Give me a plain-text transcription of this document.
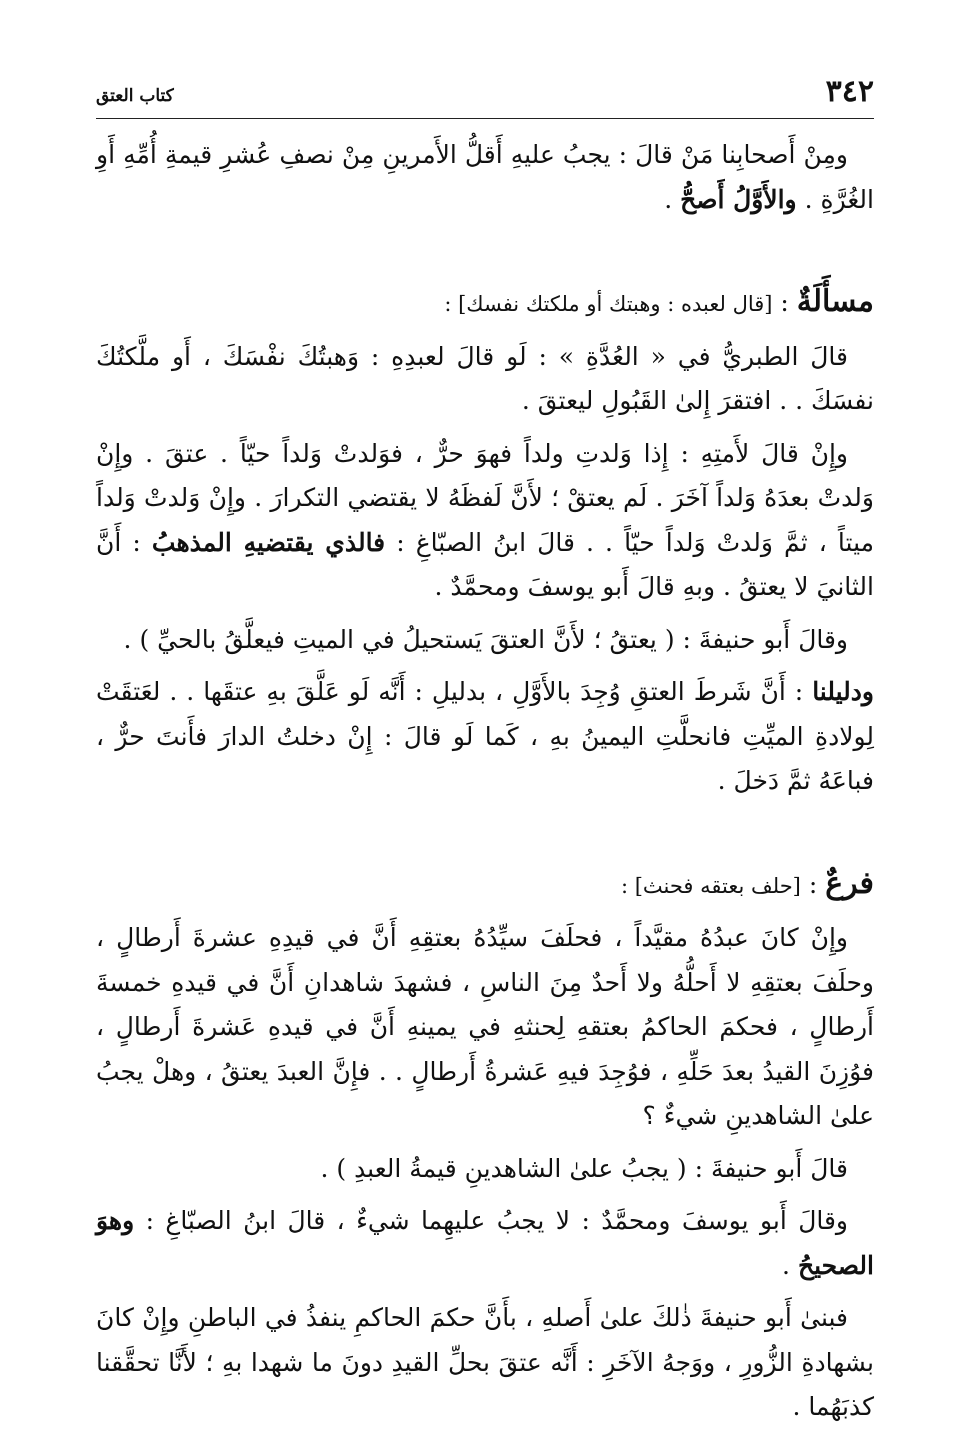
٣٤٢
كتاب العتق

ومِنْ أَصحابِنا مَنْ قالَ : يجبُ عليهِ أَقلُّ الأَمرينِ مِنْ نصفِ عُشرِ قيمةِ أُمِّهِ أَوِ الغُرَّةِ . والأَوَّلُ أَصحُّ .

مسأَلَةٌ : [قال لعبده : وهبتك أو ملكتك نفسك] :

قالَ الطبريُّ في « العُدَّةِ » : لَو قالَ لعبدِهِ : وَهبتُكَ نفْسَكَ ، أَو ملَّكتُكَ نفسَكَ . . افتقرَ إِلىٰ القَبُولِ ليعتقَ .

وإِنْ قالَ لأَمتِهِ : إِذا وَلدتِ ولداً فهوَ حرٌّ ، فوَلدتْ وَلداً حيّاً . عتقَ . وإِنْ وَلدتْ بعدَهُ وَلداً آخَرَ . لَم يعتقْ ؛ لأَنَّ لَفظَهُ لا يقتضي التكرارَ . وإِنْ وَلدتْ وَلداً ميتاً ، ثمَّ وَلدتْ وَلداً حيّاً . . قالَ ابنُ الصبّاغِ : فالذي يقتضيهِ المذهبُ : أَنَّ الثانيَ لا يعتقُ . وبهِ قالَ أَبو يوسفَ ومحمَّدٌ .

وقالَ أَبو حنيفةَ : ( يعتقُ ؛ لأَنَّ العتقَ يَستحيلُ في الميتِ فيعلَّقُ بالحيِّ ) .

ودليلنا : أَنَّ شَرطَ العتقِ وُجِدَ بالأَوَّلِ ، بدليلِ : أَنَّه لَو عَلَّقَ بهِ عتقَها . . لعَتقَتْ لِولادةِ الميِّتِ فانحلَّتِ اليمينُ بهِ ، كَما لَو قالَ : إِنْ دخلتُ الدارَ فأَنتَ حرٌّ ، فباعَهُ ثمَّ دَخلَ .

فرعٌ : [حلف بعتقه فحنث] :

وإِنْ كانَ عبدُهُ مقيَّداً ، فحلَفَ سيِّدُهُ بعتقِهِ أَنَّ في قيدِهِ عشرةَ أَرطالٍ ، وحلَفَ بعتقِهِ لا أَحلُّهُ ولا أَحدٌ مِنَ الناسِ ، فشهدَ شاهدانِ أَنَّ في قيدهِ خمسةَ أَرطالٍ ، فحكمَ الحاكمُ بعتقهِ لِحنثهِ في يمينهِ أَنَّ في قيدهِ عَشرةَ أَرطالٍ ، فوُزِنَ القيدُ بعدَ حَلِّهِ ، فوُجِدَ فيهِ عَشرةُ أَرطالٍ . . فإِنَّ العبدَ يعتقُ ، وهلْ يجبُ علىٰ الشاهدينِ شيءٌ ؟

قالَ أَبو حنيفةَ : ( يجبُ علىٰ الشاهدينِ قيمةُ العبدِ ) .

وقالَ أَبو يوسفَ ومحمَّدٌ : لا يجبُ عليهِما شيءٌ ، قالَ ابنُ الصبّاغِ : وهوَ الصحيحُ .

فبنىٰ أَبو حنيفةَ ذٰلكَ علىٰ أَصلهِ ، بأَنَّ حكمَ الحاكمِ ينفذُ في الباطنِ وإِنْ كانَ بشهادةِ الزُّورِ ، ووَجهُ الآخَرِ : أَنَّه عتقَ بحلِّ القيدِ دونَ ما شهدا بهِ ؛ لأَنَّا تحقَّقنا كذبَهُما .
